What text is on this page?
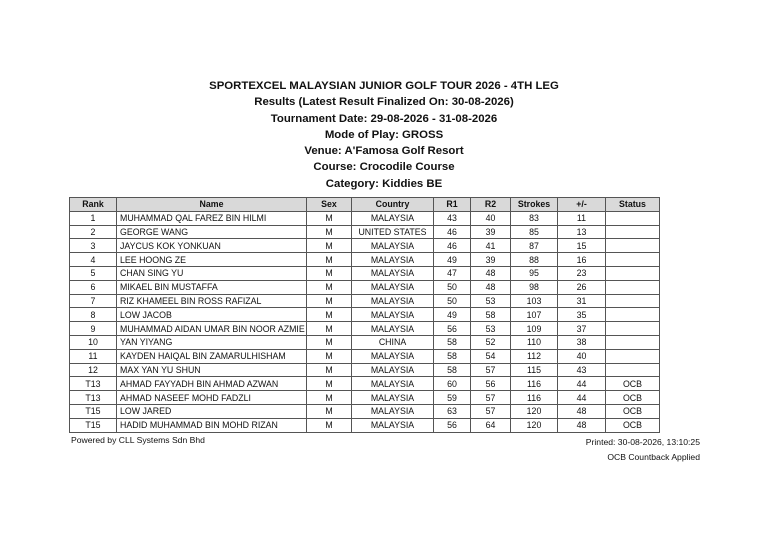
SPORTEXCEL MALAYSIAN JUNIOR GOLF TOUR 2026 - 4TH LEG
Results (Latest Result Finalized On: 30-08-2026)
Tournament Date: 29-08-2026 - 31-08-2026
Mode of Play: GROSS
Venue: A'Famosa Golf Resort
Course: Crocodile Course
Category: Kiddies BE
Rank	Name	Sex	Country	R1	R2	Strokes	+/-	Status
1	MUHAMMAD QAL FAREZ BIN HILMI	M	MALAYSIA	43	40	83	11	
2	GEORGE WANG	M	UNITED STATES	46	39	85	13	
3	JAYCUS KOK YONKUAN	M	MALAYSIA	46	41	87	15	
4	LEE HOONG ZE	M	MALAYSIA	49	39	88	16	
5	CHAN SING YU	M	MALAYSIA	47	48	95	23	
6	MIKAEL BIN MUSTAFFA	M	MALAYSIA	50	48	98	26	
7	RIZ KHAMEEL BIN ROSS RAFIZAL	M	MALAYSIA	50	53	103	31	
8	LOW JACOB	M	MALAYSIA	49	58	107	35	
9	MUHAMMAD AIDAN UMAR BIN NOOR AZMIE	M	MALAYSIA	56	53	109	37	
10	YAN YIYANG	M	CHINA	58	52	110	38	
11	KAYDEN HAIQAL BIN ZAMARULHISHAM	M	MALAYSIA	58	54	112	40	
12	MAX YAN YU SHUN	M	MALAYSIA	58	57	115	43	
T13	AHMAD FAYYADH BIN AHMAD AZWAN	M	MALAYSIA	60	56	116	44	OCB
T13	AHMAD NASEEF MOHD FADZLI	M	MALAYSIA	59	57	116	44	OCB
T15	LOW JARED	M	MALAYSIA	63	57	120	48	OCB
T15	HADID MUHAMMAD BIN MOHD RIZAN	M	MALAYSIA	56	64	120	48	OCB
Powered by CLL Systems Sdn Bhd	Printed: 30-08-2026, 13:10:25
OCB Countback Applied
